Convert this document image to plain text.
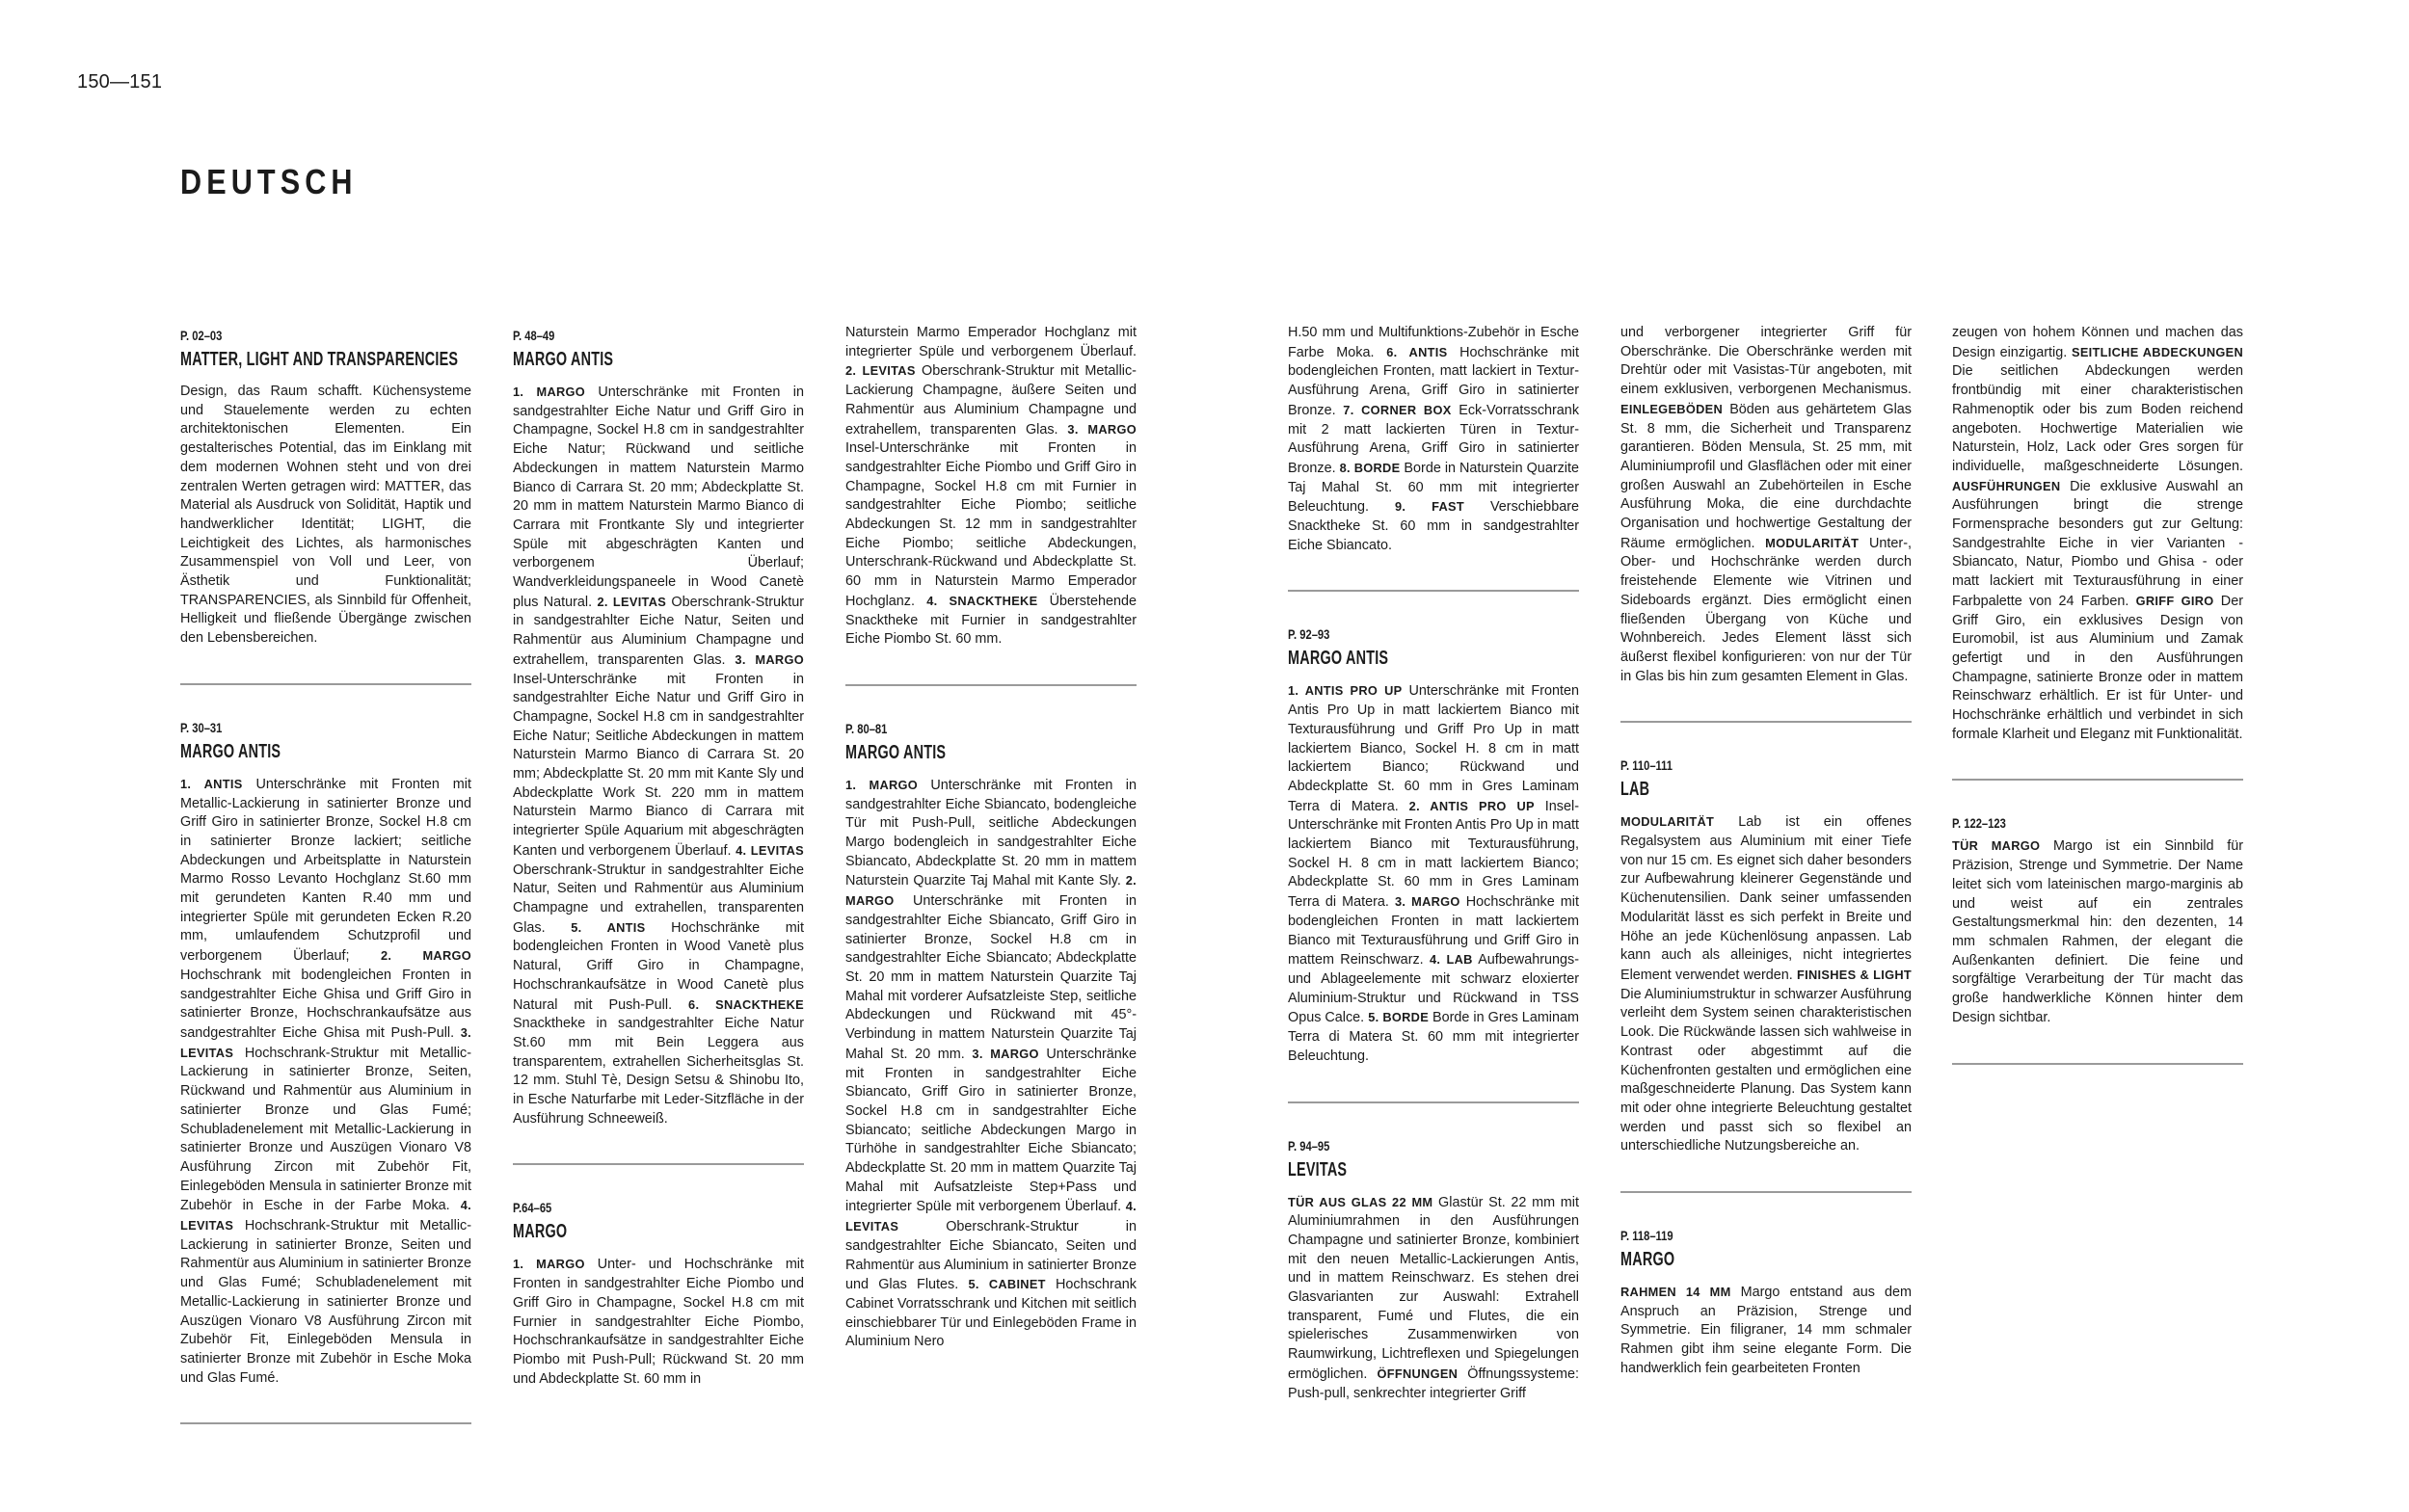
150—151
DEUTSCH

P. 02–03

MATTER, LIGHT AND TRANSPARENCIES

Design, das Raum schafft. Küchensysteme und Stauelemente werden zu echten architektonischen Elementen. Ein gestalterisches Potential, das im Einklang mit dem modernen Wohnen steht und von drei zentralen Werten getragen wird: MATTER, das Material als Ausdruck von Solidität, Haptik und handwerklicher Identität; LIGHT, die Leichtigkeit des Lichtes, als harmonisches Zusammenspiel von Voll und Leer, von Ästhetik und Funktionalität; TRANSPARENCIES, als Sinnbild für Offenheit, Helligkeit und fließende Übergänge zwischen den Lebensbereichen.

P. 30–31

MARGO ANTIS

1. ANTIS Unterschränke mit Fronten mit Metallic-Lackierung in satinierter Bronze und Griff Giro in satinierter Bronze, Sockel H.8 cm in satinierter Bronze lackiert; seitliche Abdeckungen und Arbeitsplatte in Naturstein Marmo Rosso Levanto Hochglanz St.60 mm mit gerundeten Kanten R.40 mm und integrierter Spüle mit gerundeten Ecken R.20 mm, umlaufendem Schutzprofil und verborgenem Überlauf; 2. MARGO Hochschrank mit bodengleichen Fronten in sandgestrahlter Eiche Ghisa und Griff Giro in satinierter Bronze, Hochschrankaufsätze aus sandgestrahlter Eiche Ghisa mit Push-Pull. 3. LEVITAS Hochschrank-Struktur mit Metallic-Lackierung in satinierter Bronze, Seiten, Rückwand und Rahmentür aus Aluminium in satinierter Bronze und Glas Fumé; Schubladenelement mit Metallic-Lackierung in satinierter Bronze und Auszügen Vionaro V8 Ausführung Zircon mit Zubehör Fit, Einlegeböden Mensula in satinierter Bronze mit Zubehör in Esche in der Farbe Moka. 4. LEVITAS Hochschrank-Struktur mit Metallic-Lackierung in satinierter Bronze, Seiten und Rahmentür aus Aluminium in satinierter Bronze und Glas Fumé; Schubladenelement mit Metallic-Lackierung in satinierter Bronze und Auszügen Vionaro V8 Ausführung Zircon mit Zubehör Fit, Einlegeböden Mensula in satinierter Bronze mit Zubehör in Esche Moka und Glas Fumé.

P. 48–49

MARGO ANTIS

1. MARGO Unterschränke mit Fronten in sandgestrahlter Eiche Natur und Griff Giro in Champagne, Sockel H.8 cm in sandgestrahlter Eiche Natur; Rückwand und seitliche Abdeckungen in mattem Naturstein Marmo Bianco di Carrara St. 20 mm; Abdeckplatte St. 20 mm in mattem Naturstein Marmo Bianco di Carrara mit Frontkante Sly und integrierter Spüle mit abgeschrägten Kanten und verborgenem Überlauf; Wandverkleidungspaneele in Wood Canetè plus Natural. 2. LEVITAS Oberschrank-Struktur in sandgestrahlter Eiche Natur, Seiten und Rahmentür aus Aluminium Champagne und extrahellem, transparenten Glas. 3. MARGO Insel-Unterschränke mit Fronten in sandgestrahlter Eiche Natur und Griff Giro in Champagne, Sockel H.8 cm in sandgestrahlter Eiche Natur; Seitliche Abdeckungen in mattem Naturstein Marmo Bianco di Carrara St. 20 mm; Abdeckplatte St. 20 mm mit Kante Sly und Abdeckplatte Work St. 220 mm in mattem Naturstein Marmo Bianco di Carrara mit integrierter Spüle Aquarium mit abgeschrägten Kanten und verborgenem Überlauf. 4. LEVITAS Oberschrank-Struktur in sandgestrahlter Eiche Natur, Seiten und Rahmentür aus Aluminium Champagne und extrahellen, transparenten Glas. 5. ANTIS Hochschränke mit bodengleichen Fronten in Wood Vanetè plus Natural, Griff Giro in Champagne, Hochschrankaufsätze in Wood Canetè plus Natural mit Push-Pull. 6. SNACKTHEKE Snacktheke in sandgestrahlter Eiche Natur St.60 mm mit Bein Leggera aus transparentem, extrahellen Sicherheitsglas St. 12 mm. Stuhl Tè, Design Setsu & Shinobu Ito, in Esche Naturfarbe mit Leder-Sitzfläche in der Ausführung Schneeweiß.

P.64–65

MARGO

1. MARGO Unter- und Hochschränke mit Fronten in sandgestrahlter Eiche Piombo und Griff Giro in Champagne, Sockel H.8 cm mit Furnier in sandgestrahlter Eiche Piombo, Hochschrankaufsätze in sandgestrahlter Eiche Piombo mit Push-Pull; Rückwand St. 20 mm und Abdeckplatte St. 60 mm in

Naturstein Marmo Emperador Hochglanz mit integrierter Spüle und verborgenem Überlauf. 2. LEVITAS Oberschrank-Struktur mit Metallic-Lackierung Champagne, äußere Seiten und Rahmentür aus Aluminium Champagne und extrahellem, transparenten Glas. 3. MARGO Insel-Unterschränke mit Fronten in sandgestrahlter Eiche Piombo und Griff Giro in Champagne, Sockel H.8 cm mit Furnier in sandgestrahlter Eiche Piombo; seitliche Abdeckungen St. 12 mm in sandgestrahlter Eiche Piombo; seitliche Abdeckungen, Unterschrank-Rückwand und Abdeckplatte St. 60 mm in Naturstein Marmo Emperador Hochglanz. 4. SNACKTHEKE Überstehende Snacktheke mit Furnier in sandgestrahlter Eiche Piombo St. 60 mm.

P. 80–81

MARGO ANTIS

1. MARGO Unterschränke mit Fronten in sandgestrahlter Eiche Sbiancato, bodengleiche Tür mit Push-Pull, seitliche Abdeckungen Margo bodengleich in sandgestrahlter Eiche Sbiancato, Abdeckplatte St. 20 mm in mattem Naturstein Quarzite Taj Mahal mit Kante Sly. 2. MARGO Unterschränke mit Fronten in sandgestrahlter Eiche Sbiancato, Griff Giro in satinierter Bronze, Sockel H.8 cm in sandgestrahlter Eiche Sbiancato; Abdeckplatte St. 20 mm in mattem Naturstein Quarzite Taj Mahal mit vorderer Aufsatzleiste Step, seitliche Abdeckungen und Rückwand mit 45°-Verbindung in mattem Naturstein Quarzite Taj Mahal St. 20 mm. 3. MARGO Unterschränke mit Fronten in sandgestrahlter Eiche Sbiancato, Griff Giro in satinierter Bronze, Sockel H.8 cm in sandgestrahlter Eiche Sbiancato; seitliche Abdeckungen Margo in Türhöhe in sandgestrahlter Eiche Sbiancato; Abdeckplatte St. 20 mm in mattem Quarzite Taj Mahal mit Aufsatzleiste Step+Pass und integrierter Spüle mit verborgenem Überlauf. 4. LEVITAS Oberschrank-Struktur in sandgestrahlter Eiche Sbiancato, Seiten und Rahmentür aus Aluminium in satinierter Bronze und Glas Flutes. 5. CABINET Hochschrank Cabinet Vorratsschrank und Kitchen mit seitlich einschiebbarer Tür und Einlegeböden Frame in Aluminium Nero

H.50 mm und Multifunktions-Zubehör in Esche Farbe Moka. 6. ANTIS Hochschränke mit bodengleichen Fronten, matt lackiert in Textur-Ausführung Arena, Griff Giro in satinierter Bronze. 7. CORNER BOX Eck-Vorratsschrank mit 2 matt lackierten Türen in Textur-Ausführung Arena, Griff Giro in satinierter Bronze. 8. BORDE Borde in Naturstein Quarzite Taj Mahal St. 60 mm mit integrierter Beleuchtung. 9. FAST Verschiebbare Snacktheke St. 60 mm in sandgestrahlter Eiche Sbiancato.

P. 92–93

MARGO ANTIS

1. ANTIS PRO UP Unterschränke mit Fronten Antis Pro Up in matt lackiertem Bianco mit Texturausführung und Griff Pro Up in matt lackiertem Bianco, Sockel H. 8 cm in matt lackiertem Bianco; Rückwand und Abdeckplatte St. 60 mm in Gres Laminam Terra di Matera. 2. ANTIS PRO UP Insel-Unterschränke mit Fronten Antis Pro Up in matt lackiertem Bianco mit Texturausführung, Sockel H. 8 cm in matt lackiertem Bianco; Abdeckplatte St. 60 mm in Gres Laminam Terra di Matera. 3. MARGO Hochschränke mit bodengleichen Fronten in matt lackiertem Bianco mit Texturausführung und Griff Giro in mattem Reinschwarz. 4. LAB Aufbewahrungs- und Ablageelemente mit schwarz eloxierter Aluminium-Struktur und Rückwand in TSS Opus Calce. 5. BORDE Borde in Gres Laminam Terra di Matera St. 60 mm mit integrierter Beleuchtung.

P. 94–95

LEVITAS

TÜR AUS GLAS 22 MM Glastür St. 22 mm mit Aluminiumrahmen in den Ausführungen Champagne und satinierter Bronze, kombiniert mit den neuen Metallic-Lackierungen Antis, und in mattem Reinschwarz. Es stehen drei Glasvarianten zur Auswahl: Extrahell transparent, Fumé und Flutes, die ein spielerisches Zusammenwirken von Raumwirkung, Lichtreflexen und Spiegelungen ermöglichen. ÖFFNUNGEN Öffnungssysteme: Push-pull, senkrechter integrierter Griff

und verborgener integrierter Griff für Oberschränke. Die Oberschränke werden mit Drehtür oder mit Vasistas-Tür angeboten, mit einem exklusiven, verborgenen Mechanismus. EINLEGEBÖDEN Böden aus gehärtetem Glas St. 8 mm, die Sicherheit und Transparenz garantieren. Böden Mensula, St. 25 mm, mit Aluminiumprofil und Glasflächen oder mit einer großen Auswahl an Zubehörteilen in Esche Ausführung Moka, die eine durchdachte Organisation und hochwertige Gestaltung der Räume ermöglichen. MODULARITÄT Unter-, Ober- und Hochschränke werden durch freistehende Elemente wie Vitrinen und Sideboards ergänzt. Dies ermöglicht einen fließenden Übergang von Küche und Wohnbereich. Jedes Element lässt sich äußerst flexibel konfigurieren: von nur der Tür in Glas bis hin zum gesamten Element in Glas.

P. 110–111

LAB

MODULARITÄT Lab ist ein offenes Regalsystem aus Aluminium mit einer Tiefe von nur 15 cm. Es eignet sich daher besonders zur Aufbewahrung kleinerer Gegenstände und Küchenutensilien. Dank seiner umfassenden Modularität lässt es sich perfekt in Breite und Höhe an jede Küchenlösung anpassen. Lab kann auch als alleiniges, nicht integriertes Element verwendet werden. FINISHES & LIGHT Die Aluminiumstruktur in schwarzer Ausführung verleiht dem System seinen charakteristischen Look. Die Rückwände lassen sich wahlweise in Kontrast oder abgestimmt auf die Küchenfronten gestalten und ermöglichen eine maßgeschneiderte Planung. Das System kann mit oder ohne integrierte Beleuchtung gestaltet werden und passt sich so flexibel an unterschiedliche Nutzungsbereiche an.

P. 118–119

MARGO

RAHMEN 14 MM Margo entstand aus dem Anspruch an Präzision, Strenge und Symmetrie. Ein filigraner, 14 mm schmaler Rahmen gibt ihm seine elegante Form. Die handwerklich fein gearbeiteten Fronten

zeugen von hohem Können und machen das Design einzigartig. SEITLICHE ABDECKUNGEN Die seitlichen Abdeckungen werden frontbündig mit einer charakteristischen Rahmenoptik oder bis zum Boden reichend angeboten. Hochwertige Materialien wie Naturstein, Holz, Lack oder Gres sorgen für individuelle, maßgeschneiderte Lösungen. AUSFÜHRUNGEN Die exklusive Auswahl an Ausführungen bringt die strenge Formensprache besonders gut zur Geltung: Sandgestrahlte Eiche in vier Varianten - Sbiancato, Natur, Piombo und Ghisa - oder matt lackiert mit Texturausführung in einer Farbpalette von 24 Farben. GRIFF GIRO Der Griff Giro, ein exklusives Design von Euromobil, ist aus Aluminium und Zamak gefertigt und in den Ausführungen Champagne, satinierte Bronze oder in mattem Reinschwarz erhältlich. Er ist für Unter- und Hochschränke erhältlich und verbindet in sich formale Klarheit und Eleganz mit Funktionalität.

P. 122–123

TÜR MARGO Margo ist ein Sinnbild für Präzision, Strenge und Symmetrie. Der Name leitet sich vom lateinischen margo-marginis ab und weist auf ein zentrales Gestaltungsmerkmal hin: den dezenten, 14 mm schmalen Rahmen, der elegant die Außenkanten definiert. Die feine und sorgfältige Verarbeitung der Tür macht das große handwerkliche Können hinter dem Design sichtbar.
